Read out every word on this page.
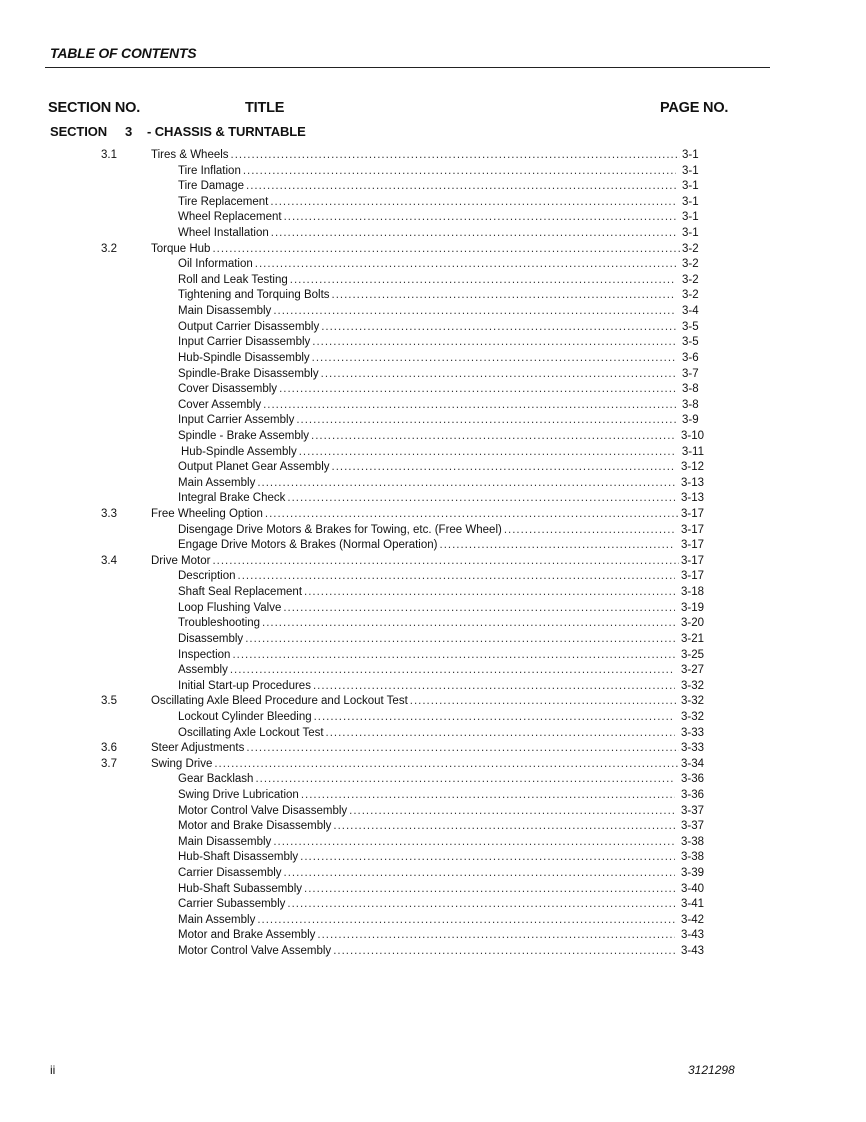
TABLE OF CONTENTS
SECTION NO.	TITLE	PAGE NO.
SECTION 3 - CHASSIS & TURNTABLE
3.1	Tires & Wheels . . .	3-1
Tire Inflation . . .	3-1
Tire Damage . . .	3-1
Tire Replacement . . .	3-1
Wheel Replacement . . .	3-1
Wheel Installation . . .	3-1
3.2	Torque Hub . . .	3-2
Oil Information . . .	3-2
Roll and Leak Testing . . .	3-2
Tightening and Torquing Bolts . . .	3-2
Main Disassembly . . .	3-4
Output Carrier Disassembly . . .	3-5
Input Carrier Disassembly . . .	3-5
Hub-Spindle Disassembly . . .	3-6
Spindle-Brake Disassembly . . .	3-7
Cover Disassembly . . .	3-8
Cover Assembly . . .	3-8
Input Carrier Assembly . . .	3-9
Spindle - Brake Assembly . . .	3-10
Hub-Spindle Assembly . . .	3-11
Output Planet Gear Assembly . . .	3-12
Main Assembly . . .	3-13
Integral Brake Check . . .	3-13
3.3	Free Wheeling Option . . .	3-17
Disengage Drive Motors & Brakes for Towing, etc. (Free Wheel) . . .	3-17
Engage Drive Motors & Brakes (Normal Operation) . . .	3-17
3.4	Drive Motor . . .	3-17
Description . . .	3-17
Shaft Seal Replacement . . .	3-18
Loop Flushing Valve . . .	3-19
Troubleshooting . . .	3-20
Disassembly . . .	3-21
Inspection . . .	3-25
Assembly . . .	3-27
Initial Start-up Procedures . . .	3-32
3.5	Oscillating Axle Bleed Procedure and Lockout Test . . .	3-32
Lockout Cylinder Bleeding . . .	3-32
Oscillating Axle Lockout Test . . .	3-33
3.6	Steer Adjustments . . .	3-33
3.7	Swing Drive . . .	3-34
Gear Backlash . . .	3-36
Swing Drive Lubrication . . .	3-36
Motor Control Valve Disassembly . . .	3-37
Motor and Brake Disassembly . . .	3-37
Main Disassembly . . .	3-38
Hub-Shaft Disassembly . . .	3-38
Carrier Disassembly . . .	3-39
Hub-Shaft Subassembly . . .	3-40
Carrier Subassembly . . .	3-41
Main Assembly . . .	3-42
Motor and Brake Assembly . . .	3-43
Motor Control Valve Assembly . . .	3-43
ii	3121298
